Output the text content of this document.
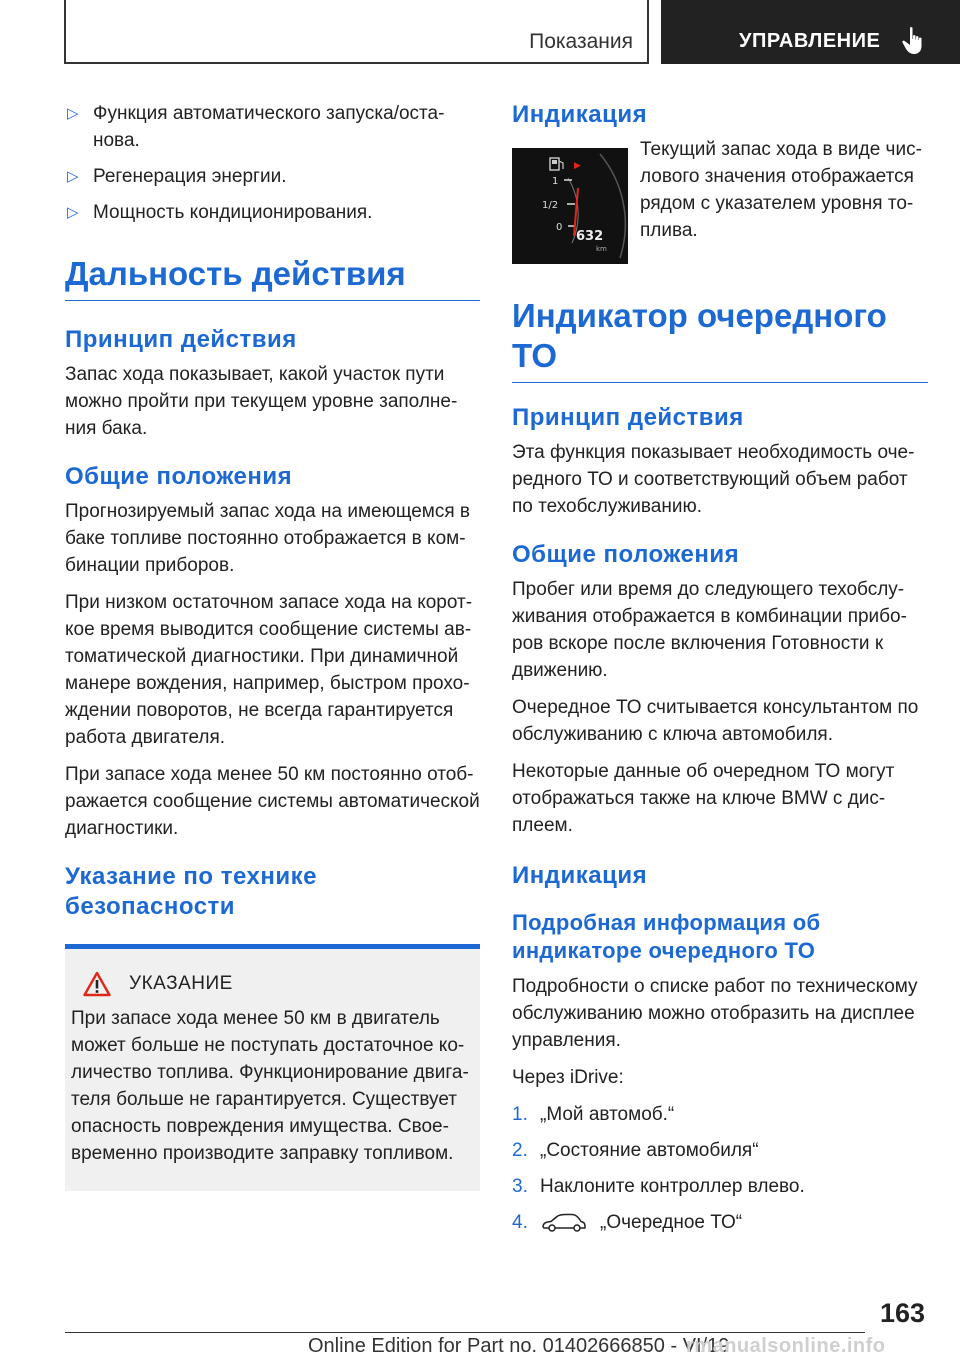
Показания	УПРАВЛЕНИЕ
▷ Функция автоматического запуска/оста-нова.
▷ Регенерация энергии.
▷ Мощность кондиционирования.
Дальность действия
Принцип действия

Запас хода показывает, какой участок пути можно пройти при текущем уровне заполне-ния бака.

Общие положения

Прогнозируемый запас хода на имеющемся в баке топливе постоянно отображается в ком-бинации приборов.

При низком остаточном запасе хода на корот-кое время выводится сообщение системы ав-томатической диагностики. При динамичной манере вождения, например, быстром прохо-ждении поворотов, не всегда гарантируется работа двигателя.

При запасе хода менее 50 км постоянно отоб-ражается сообщение системы автоматической диагностики.

Указание по технике безопасности
УКАЗАНИЕ

При запасе хода менее 50 км в двигатель может больше не поступать достаточное ко-личество топлива. Функционирование двига-теля больше не гарантируется. Существует опасность повреждения имущества. Свое-временно производите заправку топливом.

Индикация
▶
1
1/2
0
632
km
Текущий запас хода в виде чис-лового значения отображается рядом с указателем уровня то-плива.
Индикатор очередного ТО
Принцип действия

Эта функция показывает необходимость оче-редного ТО и соответствующий объем работ по техобслуживанию.

Общие положения

Пробег или время до следующего техобслу-живания отображается в комбинации прибо-ров вскоре после включения Готовности к движению.

Очередное ТО считывается консультантом по обслуживанию с ключа автомобиля.

Некоторые данные об очередном ТО могут отображаться также на ключе BMW с дис-плеем.

Индикация
Подробная информация об индикаторе очередного ТО

Подробности о списке работ по техническому обслуживанию можно отобразить на дисплее управления.

Через iDrive:

1. „Мой автомоб.“
2. „Состояние автомобиля“
3. Наклоните контроллер влево.
4.	„Очередное ТО“
163
Online Edition for Part no. 01402666850 - VI/19
rmanualsonline.info
